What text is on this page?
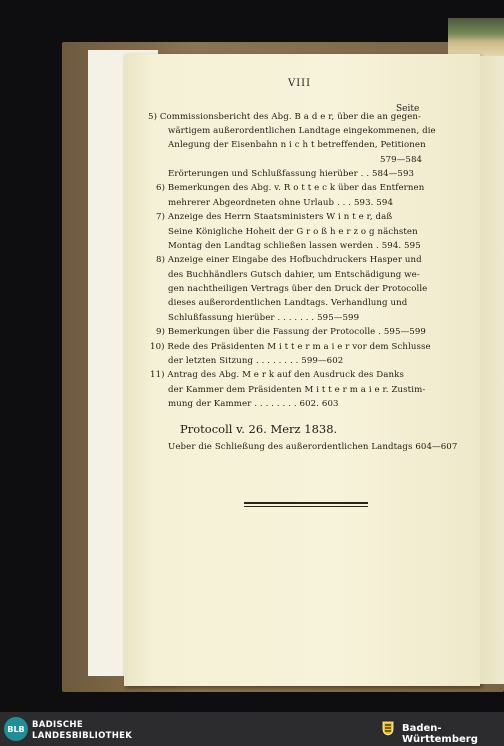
VIII
Seite
5) Commissionsbericht des Abg. B a d e r, über die an gegen-
wärtigem außerordentlichen Landtage eingekommenen, die
Anlegung der Eisenbahn n i c h t betreffenden, Petitionen
579—584
Erörterungen und Schlußfassung hierüber . . 584—593
6) Bemerkungen des Abg. v. R o t t e c k über das Entfernen
mehrerer Abgeordneten ohne Urlaub . . . 593. 594
7) Anzeige des Herrn Staatsministers W i n t e r, daß
Seine Königliche Hoheit der G r o ß h e r z o g nächsten
Montag den Landtag schließen lassen werden . 594. 595
8) Anzeige einer Eingabe des Hofbuchdruckers Hasper und
des Buchhändlers Gutsch dahier, um Entschädigung we-
gen nachtheiligen Vertrags über den Druck der Protocolle
dieses außerordentlichen Landtags. Verhandlung und
Schlußfassung hierüber . . . . . . . 595—599
9) Bemerkungen über die Fassung der Protocolle . 595—599
10) Rede des Präsidenten M i t t e r m a i e r vor dem Schlusse
der letzten Sitzung . . . . . . . . 599—602
11) Antrag des Abg. M e r k auf den Ausdruck des Danks
der Kammer dem Präsidenten M i t t e r m a i e r. Zustim-
mung der Kammer . . . . . . . . 602. 603
Protocoll v. 26. Merz 1838.
Ueber die Schließung des außerordentlichen Landtags 604—607
BLB BADISCHE
LANDESBIBLIOTHEK
Baden-Württemberg
